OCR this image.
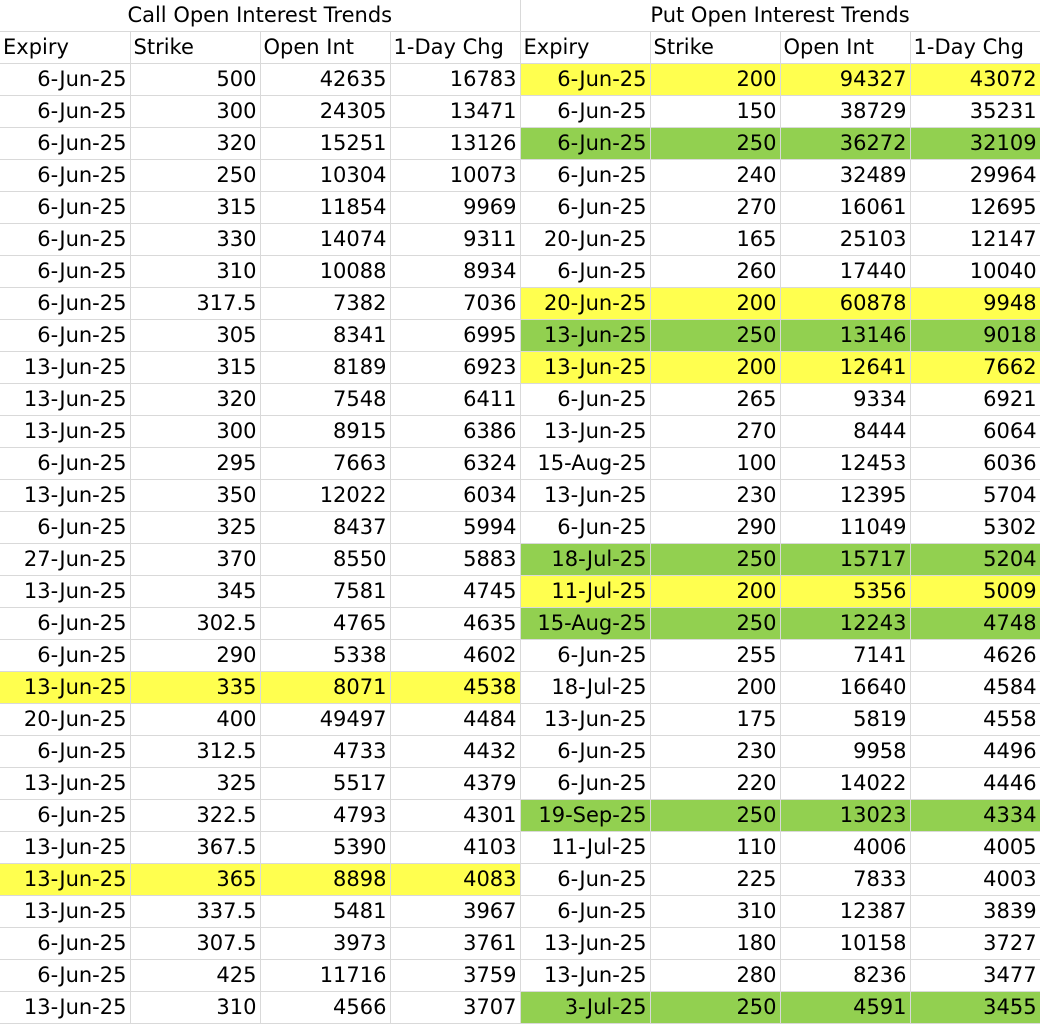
Call Open Interest Trends				Put Open Interest Trends			
Expiry	Strike	Open Int	1-Day Chg	Expiry	Strike	Open Int	1-Day Chg
6-Jun-25	500	42635	16783	6-Jun-25	200	94327	43072
6-Jun-25	300	24305	13471	6-Jun-25	150	38729	35231
6-Jun-25	320	15251	13126	6-Jun-25	250	36272	32109
6-Jun-25	250	10304	10073	6-Jun-25	240	32489	29964
6-Jun-25	315	11854	9969	6-Jun-25	270	16061	12695
6-Jun-25	330	14074	9311	20-Jun-25	165	25103	12147
6-Jun-25	310	10088	8934	6-Jun-25	260	17440	10040
6-Jun-25	317.5	7382	7036	20-Jun-25	200	60878	9948
6-Jun-25	305	8341	6995	13-Jun-25	250	13146	9018
13-Jun-25	315	8189	6923	13-Jun-25	200	12641	7662
13-Jun-25	320	7548	6411	6-Jun-25	265	9334	6921
13-Jun-25	300	8915	6386	13-Jun-25	270	8444	6064
6-Jun-25	295	7663	6324	15-Aug-25	100	12453	6036
13-Jun-25	350	12022	6034	13-Jun-25	230	12395	5704
6-Jun-25	325	8437	5994	6-Jun-25	290	11049	5302
27-Jun-25	370	8550	5883	18-Jul-25	250	15717	5204
13-Jun-25	345	7581	4745	11-Jul-25	200	5356	5009
6-Jun-25	302.5	4765	4635	15-Aug-25	250	12243	4748
6-Jun-25	290	5338	4602	6-Jun-25	255	7141	4626
13-Jun-25	335	8071	4538	18-Jul-25	200	16640	4584
20-Jun-25	400	49497	4484	13-Jun-25	175	5819	4558
6-Jun-25	312.5	4733	4432	6-Jun-25	230	9958	4496
13-Jun-25	325	5517	4379	6-Jun-25	220	14022	4446
6-Jun-25	322.5	4793	4301	19-Sep-25	250	13023	4334
13-Jun-25	367.5	5390	4103	11-Jul-25	110	4006	4005
13-Jun-25	365	8898	4083	6-Jun-25	225	7833	4003
13-Jun-25	337.5	5481	3967	6-Jun-25	310	12387	3839
6-Jun-25	307.5	3973	3761	13-Jun-25	180	10158	3727
6-Jun-25	425	11716	3759	13-Jun-25	280	8236	3477
13-Jun-25	310	4566	3707	3-Jul-25	250	4591	3455
